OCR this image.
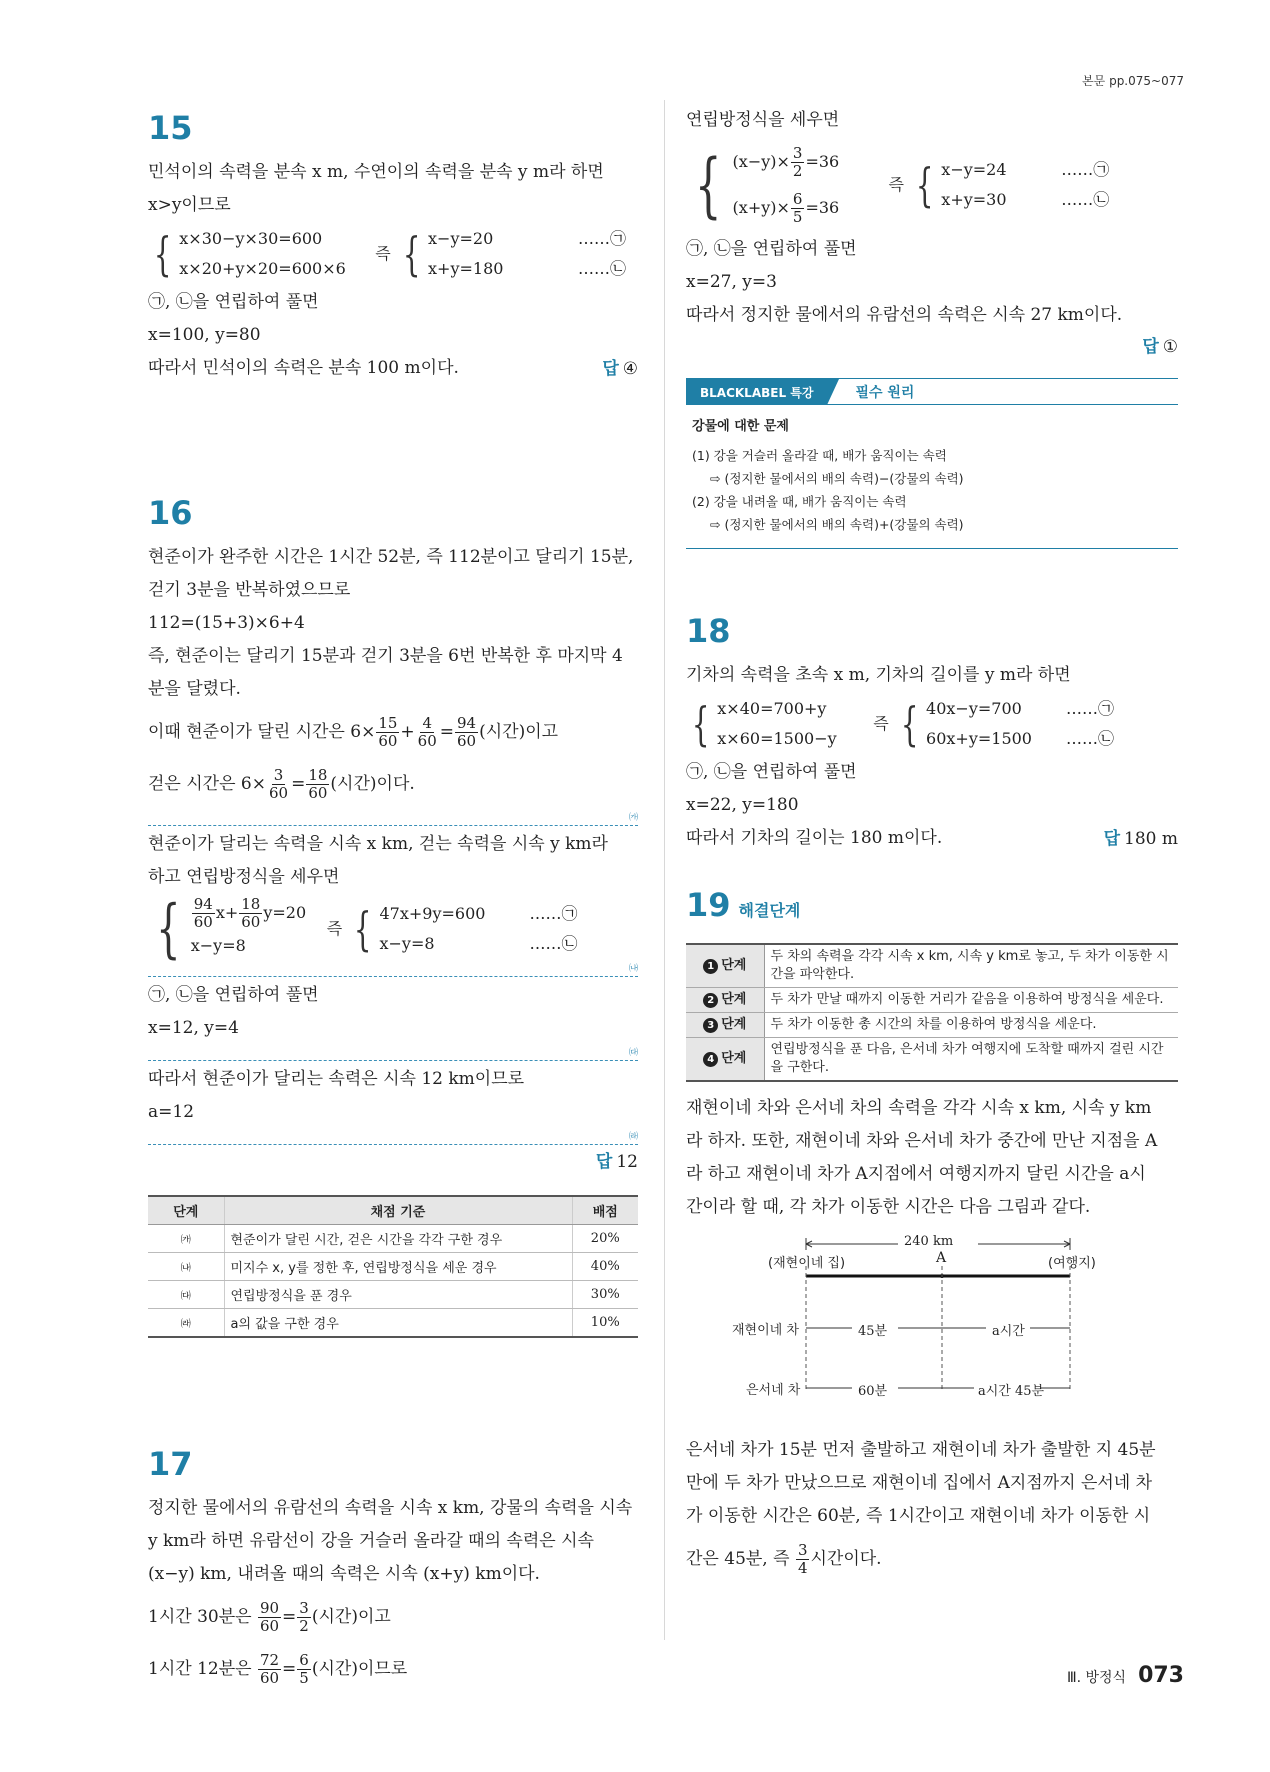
본문 pp.075~077
15
민석이의 속력을 분속 x m, 수연이의 속력을 분속 y m라 하면
x>y이므로
{ x×30−y×30=600
x×20+y×20=600×6
즉 { x−y=20
x+y=180
……㉠
……㉡
㉠, ㉡을 연립하여 풀면
x=100, y=80
따라서 민석이의 속력은 분속 100 m이다.	답 ④
16
현준이가 완주한 시간은 1시간 52분, 즉 112분이고 달리기 15분,
걷기 3분을 반복하였으므로
112=(15+3)×6+4
즉, 현준이는 달리기 15분과 걷기 3분을 6번 반복한 후 마지막 4
분을 달렸다.
이때 현준이가 달린 시간은 $6\times \frac{15}{60} + \frac{4}{60} = \frac{94}{60}$ (시간)이고
걷은 시간은 $6\times \frac{3}{60} = \frac{18}{60}$ (시간)이다.
㈎
현준이가 달리는 속력을 시속 x km, 걷는 속력을 시속 y km라
하고 연립방정식을 세우면
{ $\frac{94}{60} x+ \frac{18}{60} y=20$
x−y=8
즉 { 47x+9y=600
x−y=8
……㉠
……㉡
㈏
㉠, ㉡을 연립하여 풀면
x=12, y=4
㈐
따라서 현준이가 달리는 속력은 시속 12 km이므로
a=12
㈑
답 12
단계	채점 기준	배점
㈎	현준이가 달린 시간, 걷은 시간을 각각 구한 경우	20%
㈏	미지수 x, y를 정한 후, 연립방정식을 세운 경우	40%
㈐	연립방정식을 푼 경우	30%
㈑	a의 값을 구한 경우	10%
17
정지한 물에서의 유람선의 속력을 시속 x km, 강물의 속력을 시속
y km라 하면 유람선이 강을 거슬러 올라갈 때의 속력은 시속
(x−y) km, 내려올 때의 속력은 시속 (x+y) km이다.
1시간 30분은 $\frac{90}{60} = \frac{3}{2}$ (시간)이고
1시간 12분은 $\frac{72}{60} = \frac{6}{5}$ (시간)이므로
연립방정식을 세우면
{ $(x-y)\times \frac{3}{2} =36$
$(x+y)\times \frac{6}{5} =36$
즉 { x−y=24
x+y=30
……㉠
……㉡
㉠, ㉡을 연립하여 풀면
x=27, y=3
따라서 정지한 물에서의 유람선의 속력은 시속 27 km이다.
답 ①
BLACKLABEL 특강	필수 원리
강물에 대한 문제
(1) 강을 거슬러 올라갈 때, 배가 움직이는 속력
⇨ (정지한 물에서의 배의 속력)−(강물의 속력)
(2) 강을 내려올 때, 배가 움직이는 속력
⇨ (정지한 물에서의 배의 속력)+(강물의 속력)
18
기차의 속력을 초속 x m, 기차의 길이를 y m라 하면
{ x×40=700+y
x×60=1500−y
즉 { 40x−y=700
60x+y=1500
……㉠
……㉡
㉠, ㉡을 연립하여 풀면
x=22, y=180
따라서 기차의 길이는 180 m이다.	답 180 m
19 해결단계
1 단계	두 차의 속력을 각각 시속 x km, 시속 y km로 놓고, 두 차가 이동한 시간을 파악한다.
2 단계	두 차가 만날 때까지 이동한 거리가 같음을 이용하여 방정식을 세운다.
3 단계	두 차가 이동한 총 시간의 차를 이용하여 방정식을 세운다.
4 단계	연립방정식을 푼 다음, 은서네 차가 여행지에 도착할 때까지 걸린 시간을 구한다.
재현이네 차와 은서네 차의 속력을 각각 시속 x km, 시속 y km
라 하자. 또한, 재현이네 차와 은서네 차가 중간에 만난 지점을 A
라 하고 재현이네 차가 A지점에서 여행지까지 달린 시간을 a시
간이라 할 때, 각 차가 이동한 시간은 다음 그림과 같다.
240 km
(재현이네 집)	A	(여행지)
재현이네 차
은서네 차
45분	a시간
60분	a시간 45분
은서네 차가 15분 먼저 출발하고 재현이네 차가 출발한 지 45분
만에 두 차가 만났으므로 재현이네 집에서 A지점까지 은서네 차
가 이동한 시간은 60분, 즉 1시간이고 재현이네 차가 이동한 시
간은 45분, 즉 $\frac{3}{4}$ 시간이다.
Ⅲ. 방정식 073
